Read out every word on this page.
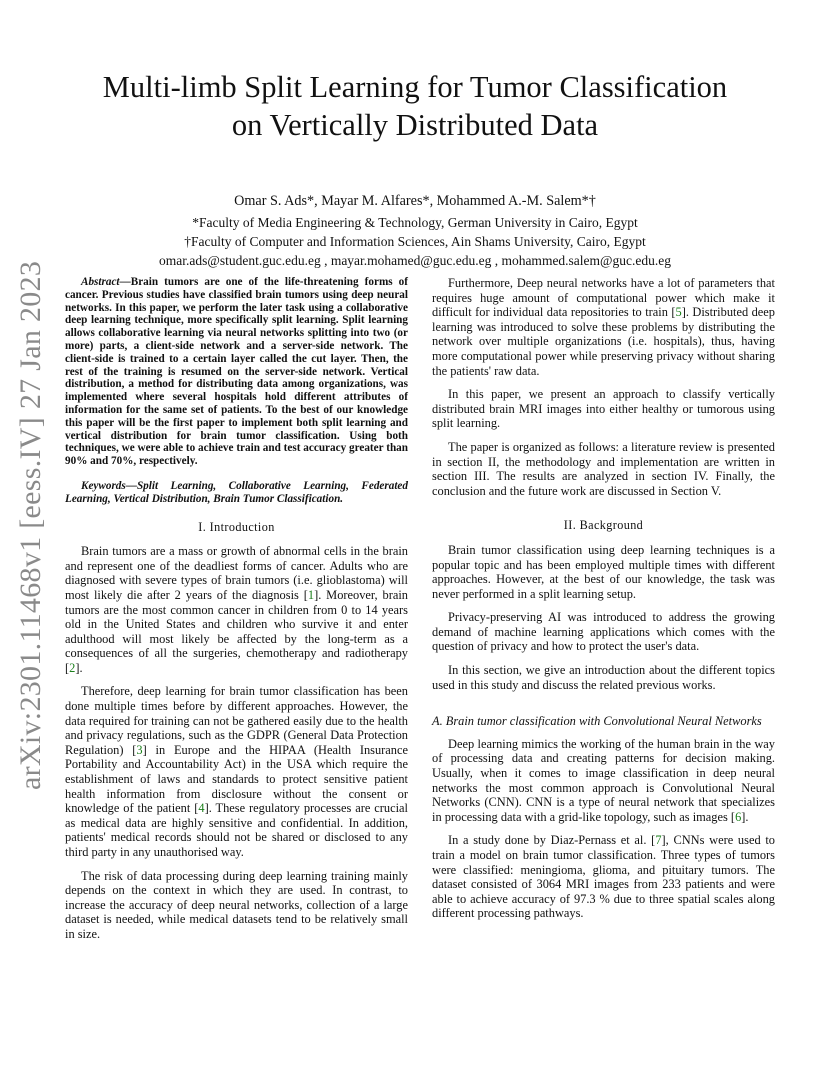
arXiv:2301.11468v1 [eess.IV] 27 Jan 2023
Multi-limb Split Learning for Tumor Classification
on Vertically Distributed Data
Omar S. Ads*, Mayar M. Alfares*, Mohammed A.-M. Salem*†
*Faculty of Media Engineering & Technology, German University in Cairo, Egypt
†Faculty of Computer and Information Sciences, Ain Shams University, Cairo, Egypt
omar.ads@student.guc.edu.eg , mayar.mohamed@guc.edu.eg , mohammed.salem@guc.edu.eg

Abstract—Brain tumors are one of the life-threatening forms of cancer. Previous studies have classified brain tumors using deep neural networks. In this paper, we perform the later task using a collaborative deep learning technique, more specifically split learning. Split learning allows collaborative learning via neural networks splitting into two (or more) parts, a client-side network and a server-side network. The client-side is trained to a certain layer called the cut layer. Then, the rest of the training is resumed on the server-side network. Vertical distribution, a method for distributing data among organizations, was implemented where several hospitals hold different attributes of information for the same set of patients. To the best of our knowledge this paper will be the first paper to implement both split learning and vertical distribution for brain tumor classification. Using both techniques, we were able to achieve train and test accuracy greater than 90% and 70%, respectively.

Keywords—Split Learning, Collaborative Learning, Federated Learning, Vertical Distribution, Brain Tumor Classification.

I. Introduction

Brain tumors are a mass or growth of abnormal cells in the brain and represent one of the deadliest forms of cancer. Adults who are diagnosed with severe types of brain tumors (i.e. glioblastoma) will most likely die after 2 years of the diagnosis [ 1 ] . Moreover, brain tumors are the most common cancer in children from 0 to 14 years old in the United States and children who survive it and enter adulthood will most likely be affected by the long-term as a consequences of all the surgeries, chemotherapy and radiotherapy [ 2 ] .

Therefore, deep learning for brain tumor classification has been done multiple times before by different approaches. However, the data required for training can not be gathered easily due to the health and privacy regulations, such as the GDPR (General Data Protection Regulation) [ 3 ] in Europe and the HIPAA (Health Insurance Portability and Accountability Act) in the USA which require the establishment of laws and standards to protect sensitive patient health information from disclosure without the consent or knowledge of the patient [ 4 ] . These regulatory processes are crucial as medical data are highly sensitive and confidential. In addition, patients' medical records should not be shared or disclosed to any third party in any unauthorised way.

The risk of data processing during deep learning training mainly depends on the context in which they are used. In contrast, to increase the accuracy of deep neural networks, collection of a large dataset is needed, while medical datasets tend to be relatively small in size.

Furthermore, Deep neural networks have a lot of parameters that requires huge amount of computational power which make it difficult for individual data repositories to train [ 5 ] . Distributed deep learning was introduced to solve these problems by distributing the network over multiple organizations (i.e. hospitals), thus, having more computational power while preserving privacy without sharing the patients' raw data.

In this paper, we present an approach to classify vertically distributed brain MRI images into either healthy or tumorous using split learning.

The paper is organized as follows: a literature review is presented in section II, the methodology and implementation are written in section III. The results are analyzed in section IV. Finally, the conclusion and the future work are discussed in Section V.

II. Background

Brain tumor classification using deep learning techniques is a popular topic and has been employed multiple times with different approaches. However, at the best of our knowledge, the task was never performed in a split learning setup.

Privacy-preserving AI was introduced to address the growing demand of machine learning applications which comes with the question of privacy and how to protect the user's data.

In this section, we give an introduction about the different topics used in this study and discuss the related previous works.

A. Brain tumor classification with Convolutional Neural Networks

Deep learning mimics the working of the human brain in the way of processing data and creating patterns for decision making. Usually, when it comes to image classification in deep neural networks the most common approach is Convolutional Neural Networks (CNN). CNN is a type of neural network that specializes in processing data with a grid-like topology, such as images [ 6 ] .

In a study done by Diaz-Pernass et al. [ 7 ] , CNNs were used to train a model on brain tumor classification. Three types of tumors were classified: meningioma, glioma, and pituitary tumors. The dataset consisted of 3064 MRI images from 233 patients and were able to achieve accuracy of 97.3 % due to three spatial scales along different processing pathways.
